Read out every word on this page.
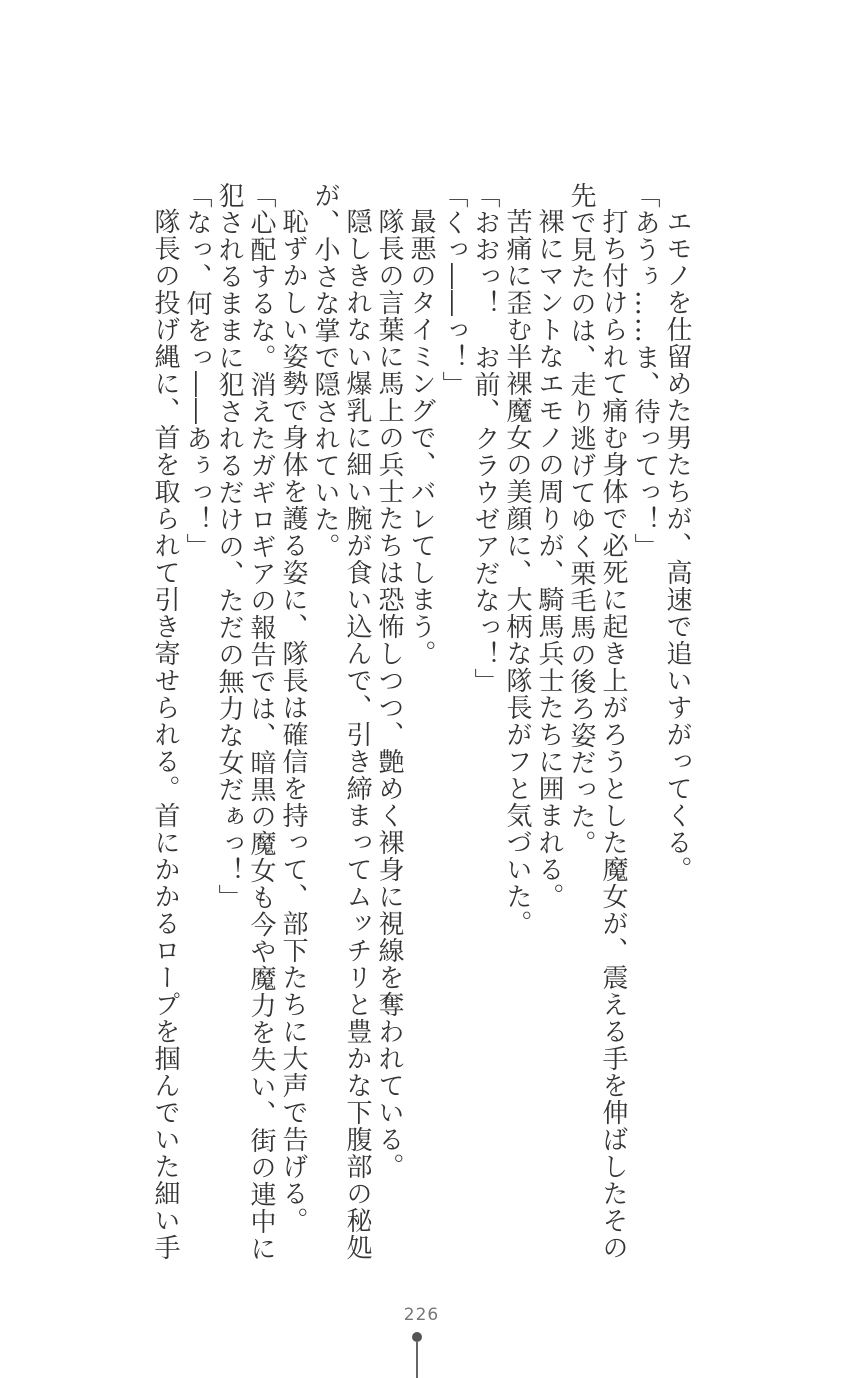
エモノを仕留めた男たちが、高速で追いすがってくる。
「あうぅ……ま、待ってっ！」
打ち付けられて痛む身体で必死に起き上がろうとした魔女が、震える手を伸ばしたその
先で見たのは、走り逃げてゆく栗毛馬の後ろ姿だった。
裸にマントなエモノの周りが、騎馬兵士たちに囲まれる。
苦痛に歪む半裸魔女の美顔に、大柄な隊長がフと気づいた。
「おおっ！　お前、クラウゼアだなっ！」
「くっ――っ！」
最悪のタイミングで、バレてしまう。
隊長の言葉に馬上の兵士たちは恐怖しつつ、艶めく裸身に視線を奪われている。
隠しきれない爆乳に細い腕が食い込んで、引き締まってムッチリと豊かな下腹部の秘処
が、小さな掌で隠されていた。
恥ずかしい姿勢で身体を護る姿に、隊長は確信を持って、部下たちに大声で告げる。
「心配するな。消えたガギロギアの報告では、暗黒の魔女も今や魔力を失い、街の連中に
犯されるままに犯されるだけの、ただの無力な女だぁっ！」
「なっ、何をっ――あぅっ！」
隊長の投げ縄に、首を取られて引き寄せられる。首にかかるロープを掴んでいた細い手
226
